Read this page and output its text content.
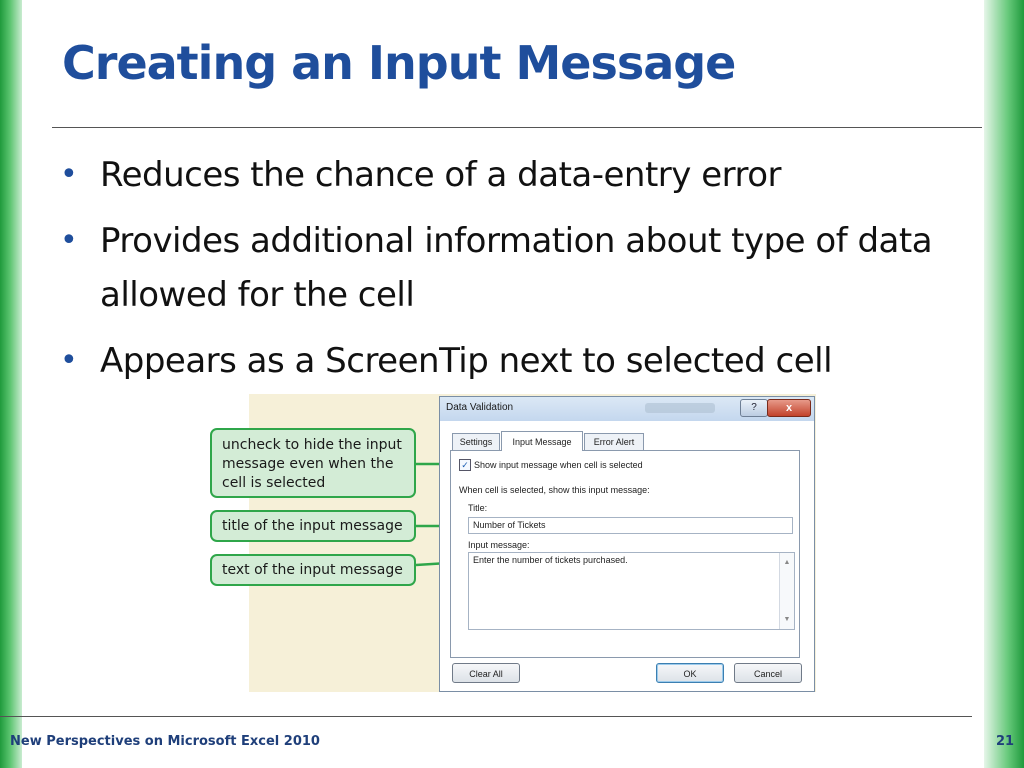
Creating an Input Message
• Reduces the chance of a data-entry error
• Provides additional information about type of data allowed for the cell
• Appears as a ScreenTip next to selected cell
uncheck to hide the input message even when the cell is selected
title of the input message
text of the input message
Data Validation	?	x
Settings	Input Message	Error Alert
✓ Show input message when cell is selected
When cell is selected, show this input message:
Title:
Number of Tickets
Input message:
Enter the number of tickets purchased.	▲
▼
Clear All	OK	Cancel
New Perspectives on Microsoft Excel 2010	21
